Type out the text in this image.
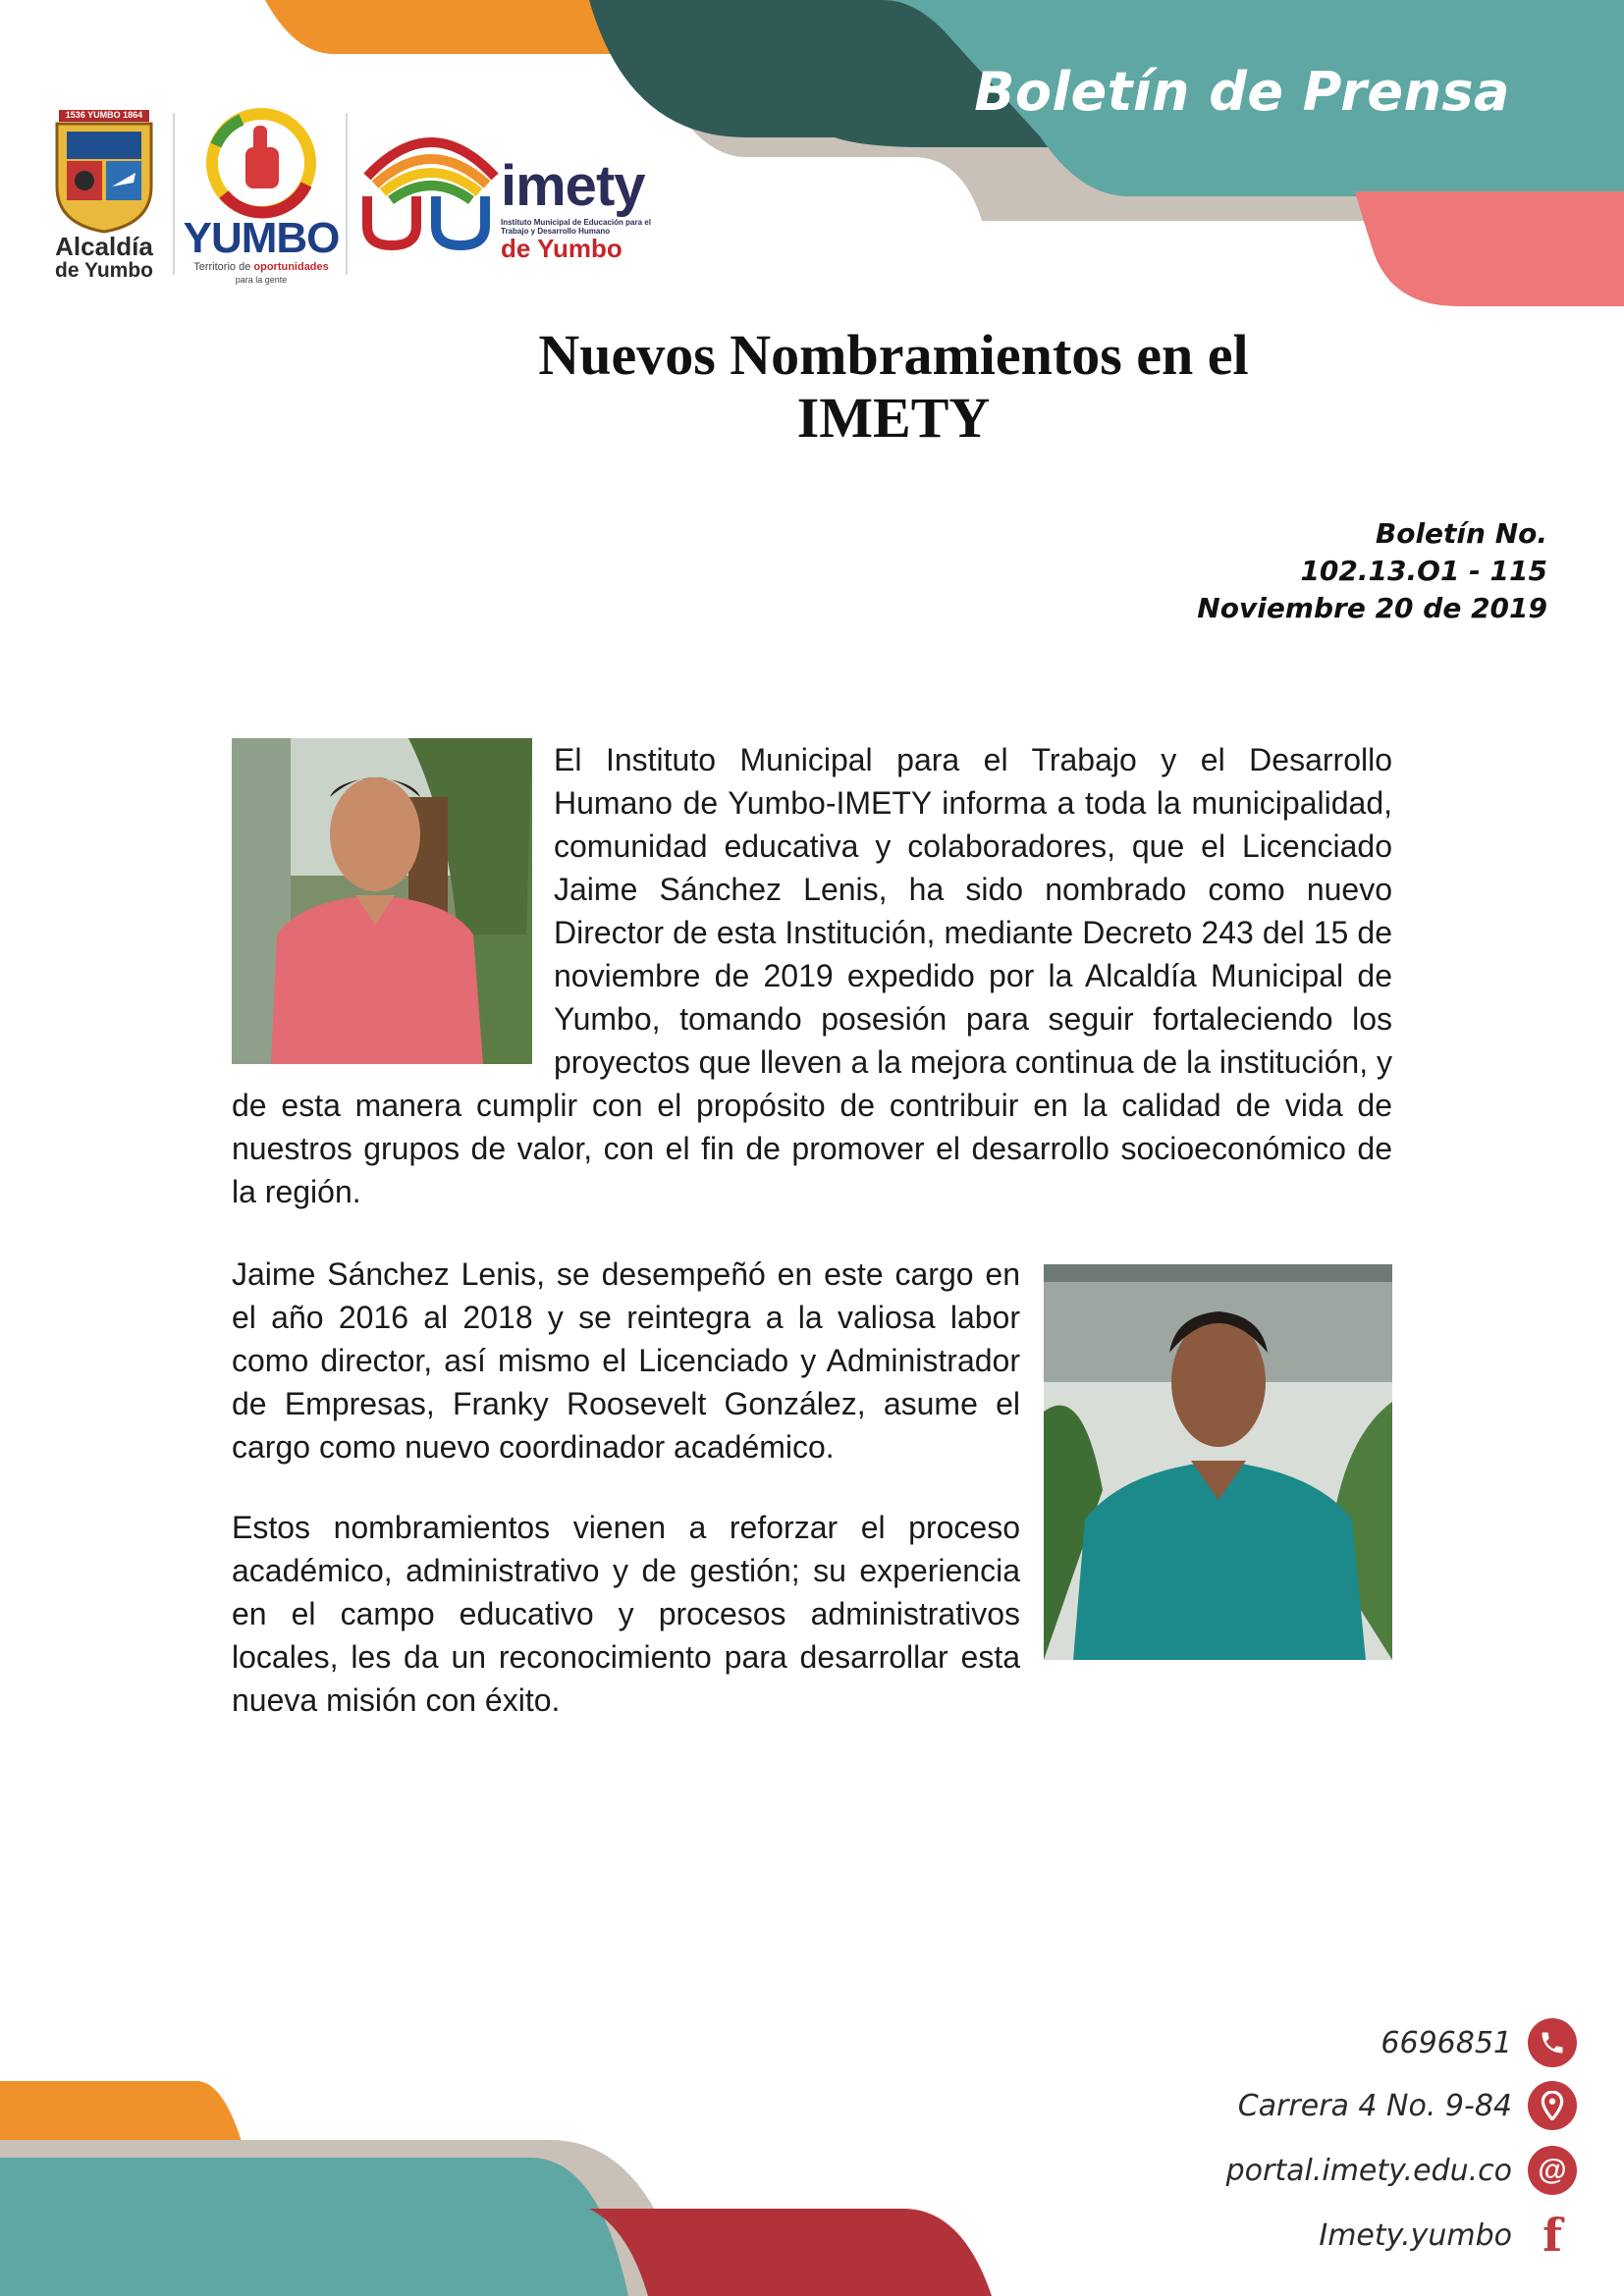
Boletín de Prensa
1536 YUMBO 1864
Alcaldía
de Yumbo
YUMBO
Territorio de oportunidades
para la gente
imety
Instituto Municipal de Educación para el Trabajo y Desarrollo Humano
de Yumbo
Nuevos Nombramientos en el
IMETY
Boletín No.
102.13.O1 - 115
Noviembre 20 de 2019
El Instituto Municipal para el Trabajo y el Desarrollo Humano de Yumbo-IMETY informa a toda la municipalidad, comunidad educativa y colaboradores, que el Licenciado Jaime Sánchez Lenis, ha sido nombrado como nuevo Director de esta Institución, mediante Decreto 243 del 15 de noviembre de 2019 expedido por la Alcaldía Municipal de Yumbo, tomando posesión para seguir fortaleciendo los proyectos que lleven a la mejora continua de la institución, y de esta manera cumplir con el propósito de contribuir en la calidad de vida de nuestros grupos de valor, con el fin de promover el desarrollo socioeconómico de la región.
Jaime Sánchez Lenis, se desempeñó en este cargo en el año 2016 al 2018 y se reintegra a la valiosa labor como director, así mismo el Licenciado y Administrador de Empresas, Franky Roosevelt González, asume el cargo como nuevo coordinador académico.
Estos nombramientos vienen a reforzar el proceso académico, administrativo y de gestión; su experiencia en el campo educativo y procesos administrativos locales, les da un reconocimiento para desarrollar esta nueva misión con éxito.
6696851
Carrera 4 No. 9-84
portal.imety.edu.co @
Imety.yumbo f
